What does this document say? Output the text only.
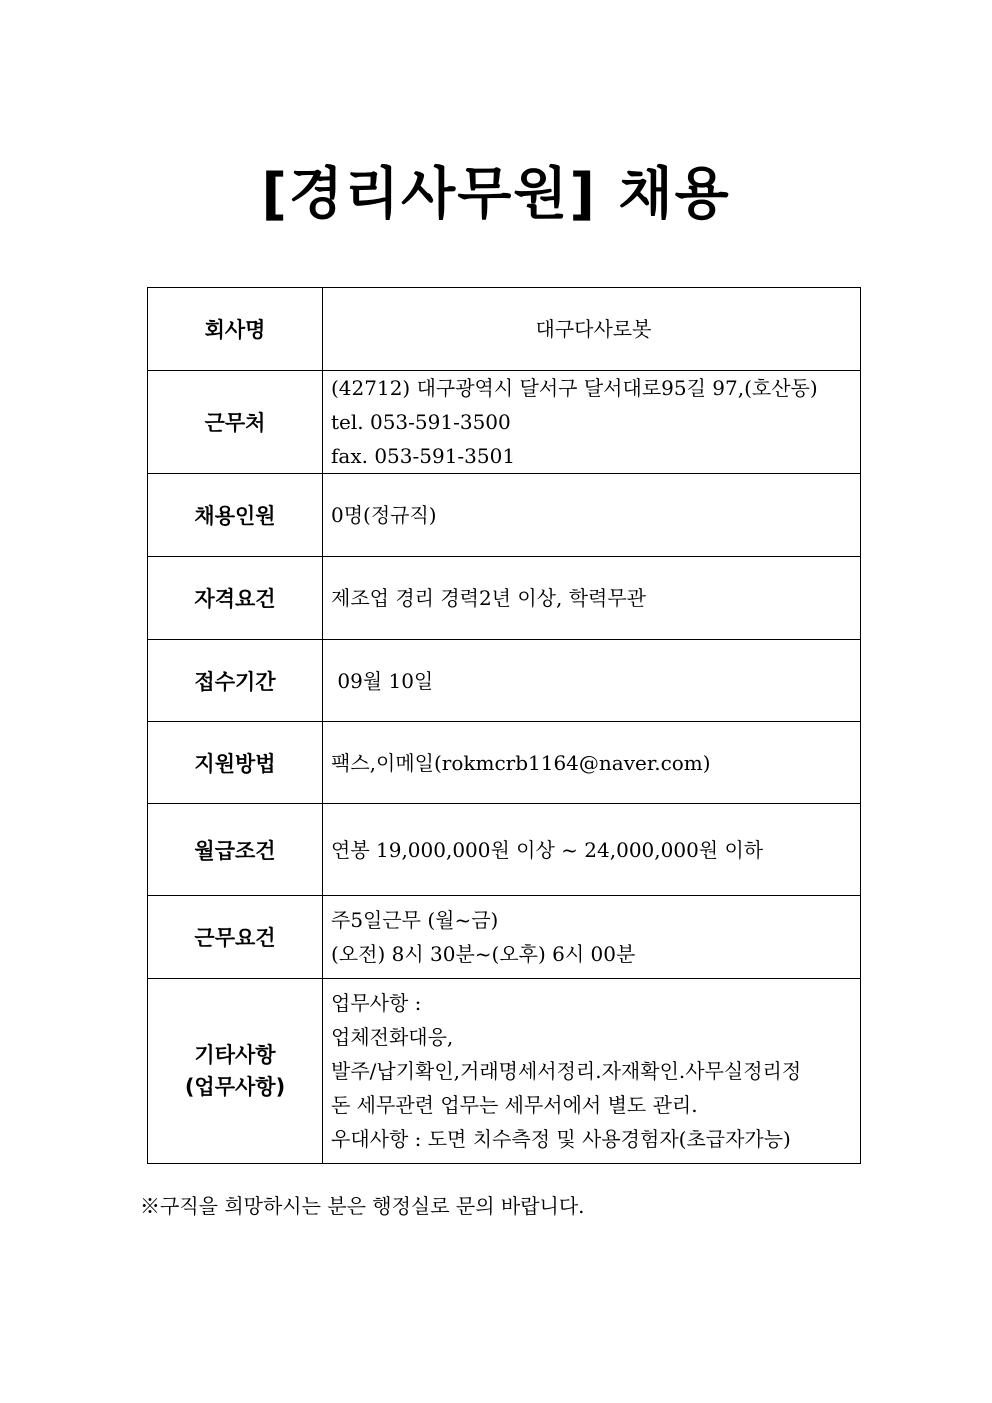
[경리사무원] 채용
회사명	대구다사로봇

근무처	(42712) 대구광역시 달서구 달서대로95길 97,(호산동)
tel. 053-591-3500
fax. 053-591-3501

채용인원	0명(정규직)

자격요건	제조업 경리 경력2년 이상, 학력무관

접수기간	09월 10일

지원방법	팩스,이메일(rokmcrb1164@naver.com)

월급조건	연봉 19,000,000원 이상 ~ 24,000,000원 이하

근무요건	주5일근무 (월~금)
(오전) 8시 30분~(오후) 6시 00분

기타사항
(업무사항)	업무사항 :
업체전화대응,
발주/납기확인,거래명세서정리.자재확인.사무실정리정
돈 세무관련 업무는 세무서에서 별도 관리.
우대사항 : 도면 치수측정 및 사용경험자(초급자가능)
※구직을 희망하시는 분은 행정실로 문의 바랍니다.
